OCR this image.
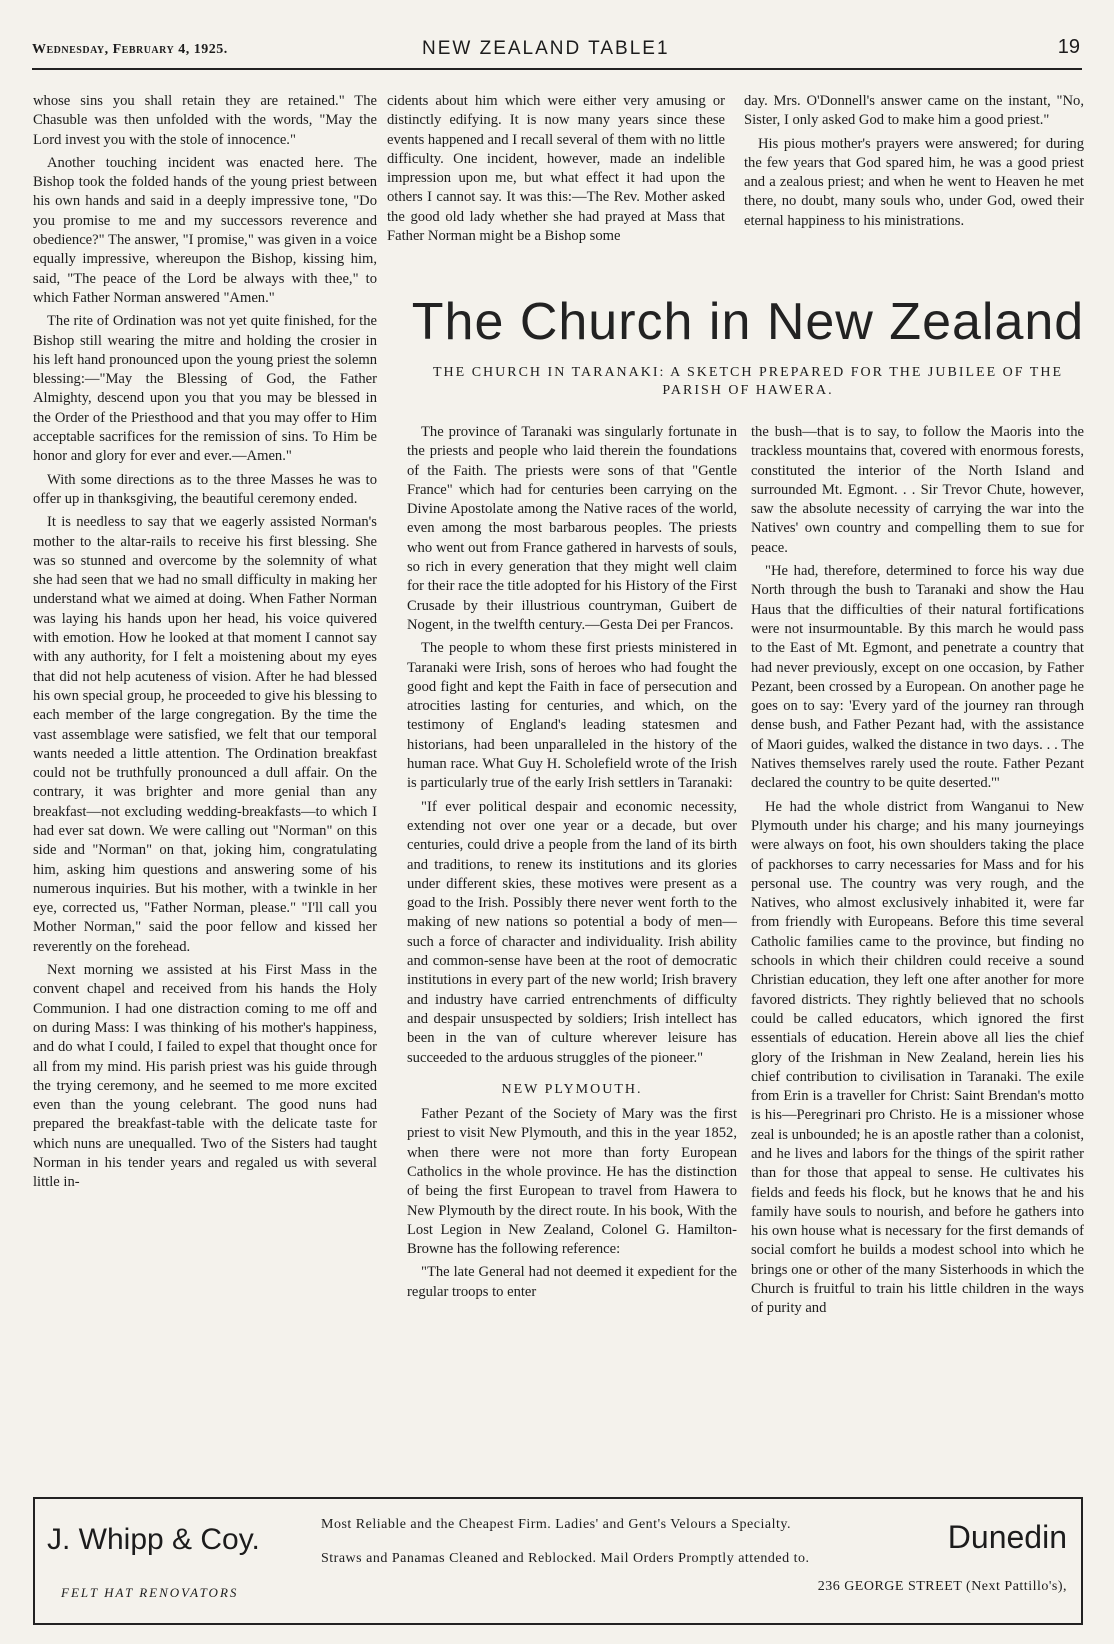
Wednesday, February 4, 1925.	NEW ZEALAND TABLE1	19

whose sins you shall retain they are retained." The Chasuble was then unfolded with the words, "May the Lord invest you with the stole of innocence."

Another touching incident was enacted here. The Bishop took the folded hands of the young priest between his own hands and said in a deeply impressive tone, "Do you promise to me and my successors reverence and obedience?" The answer, "I promise," was given in a voice equally impressive, whereupon the Bishop, kissing him, said, "The peace of the Lord be always with thee," to which Father Norman answered "Amen."

The rite of Ordination was not yet quite finished, for the Bishop still wearing the mitre and holding the crosier in his left hand pronounced upon the young priest the solemn blessing:—"May the Blessing of God, the Father Almighty, descend upon you that you may be blessed in the Order of the Priesthood and that you may offer to Him acceptable sacrifices for the remission of sins. To Him be honor and glory for ever and ever.—Amen."

With some directions as to the three Masses he was to offer up in thanksgiving, the beautiful ceremony ended.

It is needless to say that we eagerly assisted Norman's mother to the altar-rails to receive his first blessing. She was so stunned and overcome by the solemnity of what she had seen that we had no small difficulty in making her understand what we aimed at doing. When Father Norman was laying his hands upon her head, his voice quivered with emotion. How he looked at that moment I cannot say with any authority, for I felt a moistening about my eyes that did not help acuteness of vision. After he had blessed his own special group, he proceeded to give his blessing to each member of the large congregation. By the time the vast assemblage were satisfied, we felt that our temporal wants needed a little attention. The Ordination breakfast could not be truthfully pronounced a dull affair. On the contrary, it was brighter and more genial than any breakfast—not excluding wedding-breakfasts—to which I had ever sat down. We were calling out "Norman" on this side and "Norman" on that, joking him, congratulating him, asking him questions and answering some of his numerous inquiries. But his mother, with a twinkle in her eye, corrected us, "Father Norman, please." "I'll call you Mother Norman," said the poor fellow and kissed her reverently on the forehead.

Next morning we assisted at his First Mass in the convent chapel and received from his hands the Holy Communion. I had one distraction coming to me off and on during Mass: I was thinking of his mother's happiness, and do what I could, I failed to expel that thought once for all from my mind. His parish priest was his guide through the trying ceremony, and he seemed to me more excited even than the young celebrant. The good nuns had prepared the breakfast-table with the delicate taste for which nuns are unequalled. Two of the Sisters had taught Norman in his tender years and regaled us with several little in-

cidents about him which were either very amusing or distinctly edifying. It is now many years since these events happened and I recall several of them with no little difficulty. One incident, however, made an indelible impression upon me, but what effect it had upon the others I cannot say. It was this:—The Rev. Mother asked the good old lady whether she had prayed at Mass that Father Norman might be a Bishop some

day. Mrs. O'Donnell's answer came on the instant, "No, Sister, I only asked God to make him a good priest."

His pious mother's prayers were answered; for during the few years that God spared him, he was a good priest and a zealous priest; and when he went to Heaven he met there, no doubt, many souls who, under God, owed their eternal happiness to his ministrations.

The Church in New Zealand
THE CHURCH IN TARANAKI: A SKETCH PREPARED FOR THE JUBILEE OF THE PARISH OF HAWERA.

The province of Taranaki was singularly fortunate in the priests and people who laid therein the foundations of the Faith. The priests were sons of that "Gentle France" which had for centuries been carrying on the Divine Apostolate among the Native races of the world, even among the most barbarous peoples. The priests who went out from France gathered in harvests of souls, so rich in every generation that they might well claim for their race the title adopted for his History of the First Crusade by their illustrious countryman, Guibert de Nogent, in the twelfth century.—Gesta Dei per Francos.

The people to whom these first priests ministered in Taranaki were Irish, sons of heroes who had fought the good fight and kept the Faith in face of persecution and atrocities lasting for centuries, and which, on the testimony of England's leading statesmen and historians, had been unparalleled in the history of the human race. What Guy H. Scholefield wrote of the Irish is particularly true of the early Irish settlers in Taranaki:

"If ever political despair and economic necessity, extending not over one year or a decade, but over centuries, could drive a people from the land of its birth and traditions, to renew its institutions and its glories under different skies, these motives were present as a goad to the Irish. Possibly there never went forth to the making of new nations so potential a body of men—such a force of character and individuality. Irish ability and common-sense have been at the root of democratic institutions in every part of the new world; Irish bravery and industry have carried entrenchments of difficulty and despair unsuspected by soldiers; Irish intellect has been in the van of culture wherever leisure has succeeded to the arduous struggles of the pioneer."

NEW PLYMOUTH.

Father Pezant of the Society of Mary was the first priest to visit New Plymouth, and this in the year 1852, when there were not more than forty European Catholics in the whole province. He has the distinction of being the first European to travel from Hawera to New Plymouth by the direct route. In his book, With the Lost Legion in New Zealand, Colonel G. Hamilton-Browne has the following reference:

"The late General had not deemed it expedient for the regular troops to enter

the bush—that is to say, to follow the Maoris into the trackless mountains that, covered with enormous forests, constituted the interior of the North Island and surrounded Mt. Egmont. . . Sir Trevor Chute, however, saw the absolute necessity of carrying the war into the Natives' own country and compelling them to sue for peace.

"He had, therefore, determined to force his way due North through the bush to Taranaki and show the Hau Haus that the difficulties of their natural fortifications were not insurmountable. By this march he would pass to the East of Mt. Egmont, and penetrate a country that had never previously, except on one occasion, by Father Pezant, been crossed by a European. On another page he goes on to say: 'Every yard of the journey ran through dense bush, and Father Pezant had, with the assistance of Maori guides, walked the distance in two days. . . The Natives themselves rarely used the route. Father Pezant declared the country to be quite deserted.'"

He had the whole district from Wanganui to New Plymouth under his charge; and his many journeyings were always on foot, his own shoulders taking the place of packhorses to carry necessaries for Mass and for his personal use. The country was very rough, and the Natives, who almost exclusively inhabited it, were far from friendly with Europeans. Before this time several Catholic families came to the province, but finding no schools in which their children could receive a sound Christian education, they left one after another for more favored districts. They rightly believed that no schools could be called educators, which ignored the first essentials of education. Herein above all lies the chief glory of the Irishman in New Zealand, herein lies his chief contribution to civilisation in Taranaki. The exile from Erin is a traveller for Christ: Saint Brendan's motto is his—Peregrinari pro Christo. He is a missioner whose zeal is unbounded; he is an apostle rather than a colonist, and he lives and labors for the things of the spirit rather than for those that appeal to sense. He cultivates his fields and feeds his flock, but he knows that he and his family have souls to nourish, and before he gathers into his own house what is necessary for the first demands of social comfort he builds a modest school into which he brings one or other of the many Sisterhoods in which the Church is fruitful to train his little children in the ways of purity and

J. Whipp & Coy.
FELT HAT RENOVATORS
Most Reliable and the Cheapest Firm. Ladies' and Gent's Velours a Specialty.
Straws and Panamas Cleaned and Reblocked. Mail Orders Promptly attended to.
Dunedin
236 GEORGE STREET (Next Pattillo's),
